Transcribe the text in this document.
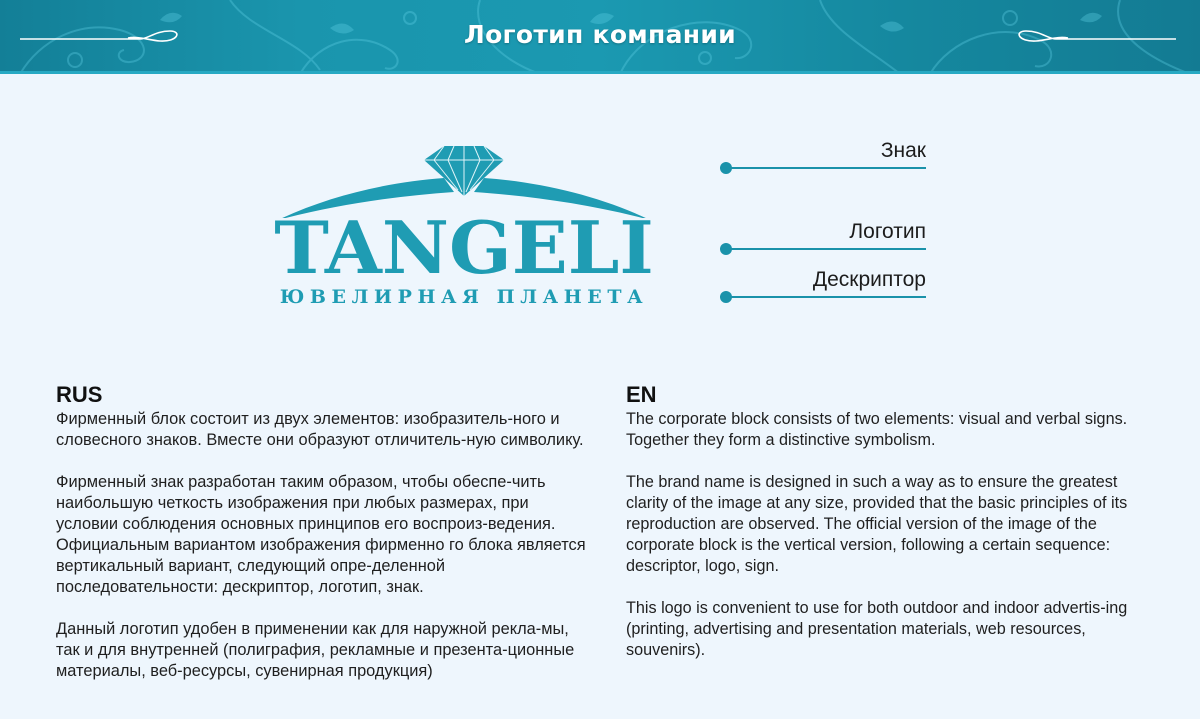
Логотип компании
TANGELI
ЮВЕЛИРНАЯ ПЛАНЕТА
Знак
Логотип
Дескриптор
RUS

Фирменный блок состоит из двух элементов: изобразитель-ного и словесного знаков. Вместе они образуют отличитель-ную символику.

Фирменный знак разработан таким образом, чтобы обеспе-чить наибольшую четкость изображения при любых размерах, при условии соблюдения основных принципов его воспроиз-ведения. Официальным вариантом изображения фирменно го блока является вертикальный вариант, следующий опре-деленной последовательности: дескриптор, логотип, знак.

Данный логотип удобен в применении как для наружной рекла-мы, так и для внутренней (полиграфия, рекламные и презента-ционные материалы, веб-ресурсы, сувенирная продукция)

EN

The corporate block consists of two elements: visual and verbal signs. Together they form a distinctive symbolism.

The brand name is designed in such a way as to ensure the greatest clarity of the image at any size, provided that the basic principles of its reproduction are observed. The official version of the image of the corporate block is the vertical version, following a certain sequence: descriptor, logo, sign.

This logo is convenient to use for both outdoor and indoor advertis-ing (printing, advertising and presentation materials, web resources, souvenirs).
